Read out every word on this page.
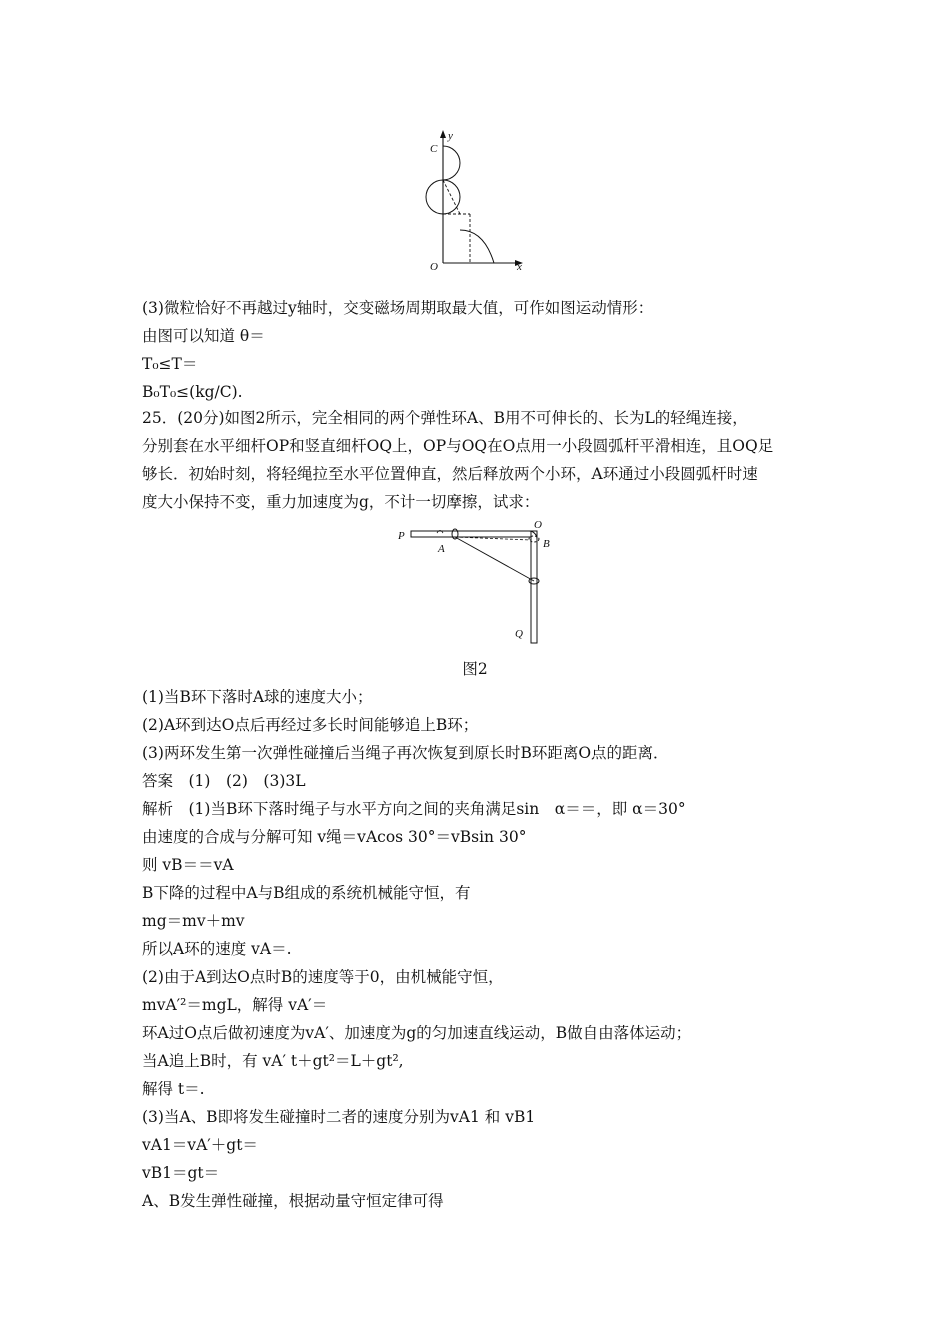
y
C
O	x
(3)微粒恰好不再越过y轴时，交变磁场周期取最大值，可作如图运动情形：
由图可以知道 θ＝
T₀≤T＝
B₀T₀≤(kg/C).
25．(20分)如图2所示，完全相同的两个弹性环A、B用不可伸长的、长为L的轻绳连接，
分别套在水平细杆OP和竖直细杆OQ上，OP与OQ在O点用一小段圆弧杆平滑相连，且OQ足
够长．初始时刻，将轻绳拉至水平位置伸直，然后释放两个小环，A环通过小段圆弧杆时速
度大小保持不变，重力加速度为g，不计一切摩擦，试求：
P
A
O
B
Q
图2
(1)当B环下落时A球的速度大小；
(2)A环到达O点后再经过多长时间能够追上B环；
(3)两环发生第一次弹性碰撞后当绳子再次恢复到原长时B环距离O点的距离．
答案　(1)　(2)　(3)3L
解析　(1)当B环下落时绳子与水平方向之间的夹角满足sin　α＝＝，即 α＝30°
由速度的合成与分解可知 v绳＝vAcos 30°＝vBsin 30°
则 vB＝＝vA
B下降的过程中A与B组成的系统机械能守恒，有
mg＝mv＋mv
所以A环的速度 vA＝.
(2)由于A到达O点时B的速度等于0，由机械能守恒，
mvA′²＝mgL，解得 vA′＝
环A过O点后做初速度为vA′、加速度为g的匀加速直线运动，B做自由落体运动；
当A追上B时，有 vA′ t＋gt²＝L＋gt²,
解得 t＝.
(3)当A、B即将发生碰撞时二者的速度分别为vA1 和 vB1
vA1＝vA′＋gt＝
vB1＝gt＝
A、B发生弹性碰撞，根据动量守恒定律可得
